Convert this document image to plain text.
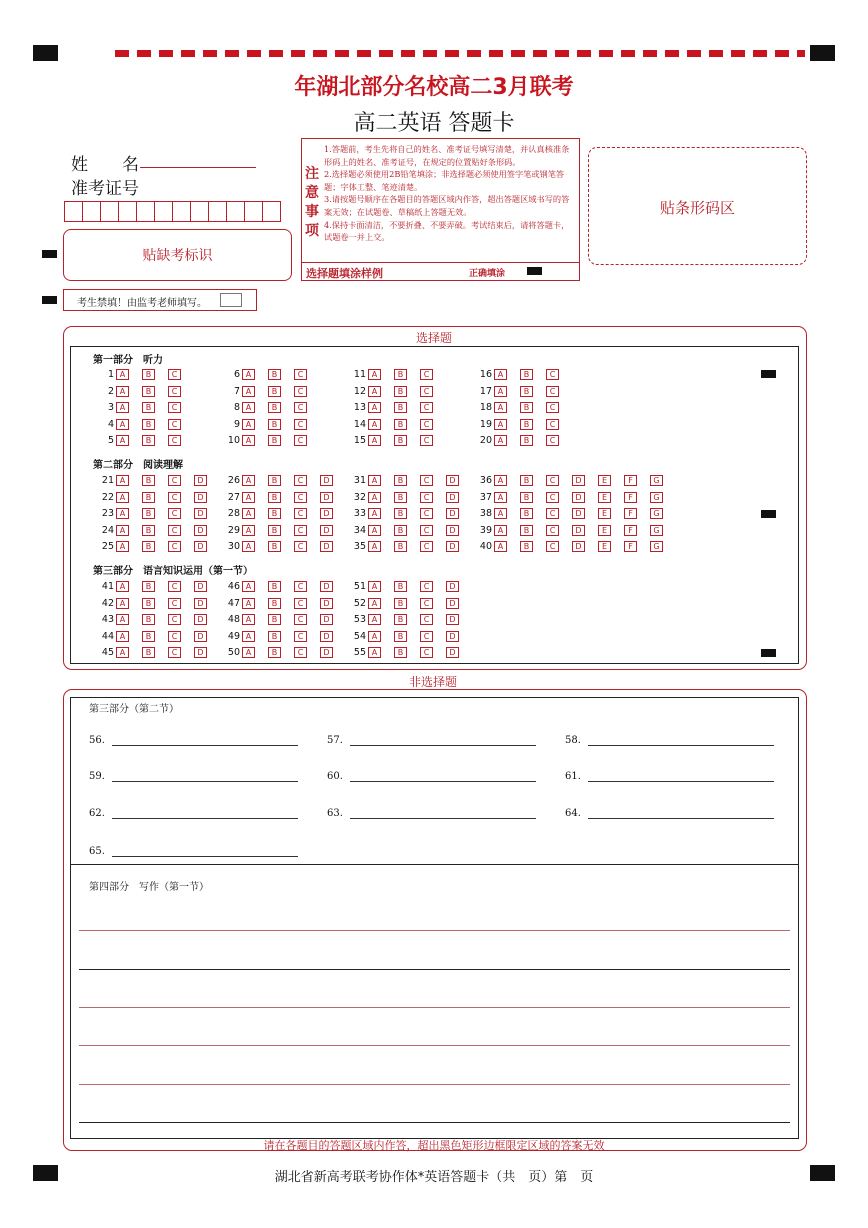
年湖北部分名校高二3月联考
高二英语 答题卡
姓　　名
准考证号
贴缺考标识
考生禁填！由监考老师填写。
注意事项
1.答题前，考生先将自己的姓名、准考证号填写清楚，并认真核准条形码上的姓名、准考证号，在规定的位置贴好条形码。
2.选择题必须使用2B铅笔填涂；非选择题必须使用签字笔或钢笔答题；字体工整、笔迹清楚。
3.请按题号顺序在各题目的答题区域内作答，超出答题区域书写的答案无效；在试题卷、草稿纸上答题无效。
4.保持卡面清洁，不要折叠、不要弄破。考试结束后，请将答题卡，试题卷一并上交。
选择题填涂样例	正确填涂
贴条形码区
选择题
第一部分　听力
第二部分　阅读理解
第三部分　语言知识运用（第一节）
1 A	B	C
2 A	B	C
3 A	B	C
4 A	B	C
5 A	B	C
6 A	B	C
7 A	B	C
8 A	B	C
9 A	B	C
10 A	B	C
11 A	B	C
12 A	B	C
13 A	B	C
14 A	B	C
15 A	B	C
16 A	B	C
17 A	B	C
18 A	B	C
19 A	B	C
20 A	B	C
21 A	B	C	D
22 A	B	C	D
23 A	B	C	D
24 A	B	C	D
25 A	B	C	D
26 A	B	C	D
27 A	B	C	D
28 A	B	C	D
29 A	B	C	D
30 A	B	C	D
31 A	B	C	D
32 A	B	C	D
33 A	B	C	D
34 A	B	C	D
35 A	B	C	D
36 A	B	C	D	E	F	G
37 A	B	C	D	E	F	G
38 A	B	C	D	E	F	G
39 A	B	C	D	E	F	G
40 A	B	C	D	E	F	G
41 A	B	C	D
42 A	B	C	D
43 A	B	C	D
44 A	B	C	D
45 A	B	C	D
46 A	B	C	D
47 A	B	C	D
48 A	B	C	D
49 A	B	C	D
50 A	B	C	D
51 A	B	C	D
52 A	B	C	D
53 A	B	C	D
54 A	B	C	D
55 A	B	C	D
非选择题
第三部分（第二节）
56.	57.	58.
59.	60.	61.
62.	63.	64.
65.
第四部分　写作（第一节）
请在各题目的答题区域内作答，超出黑色矩形边框限定区域的答案无效
湖北省新高考联考协作体*英语答题卡（共　页）第　页
